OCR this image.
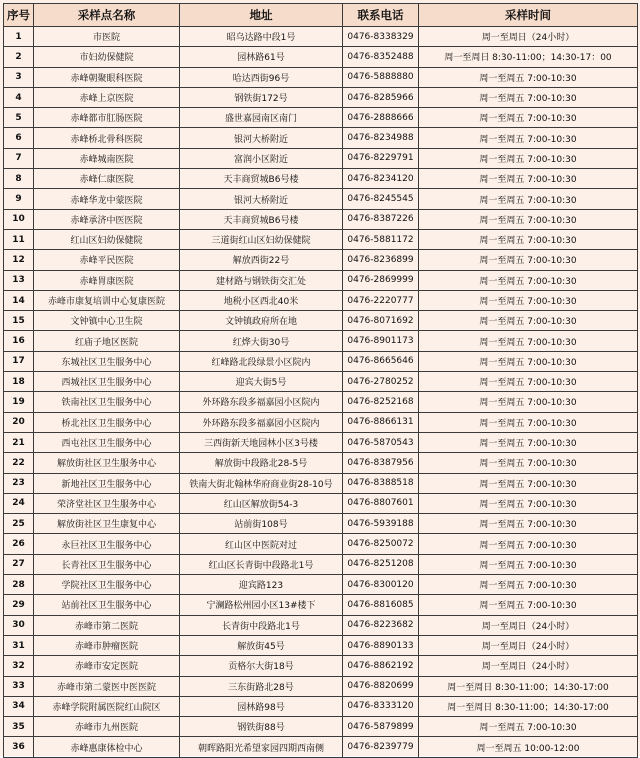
序号	采样点名称	地址	联系电话	采样时间
1	市医院	昭乌达路中段1号	0476-8338329	周一至周日（24小时）
2	市妇幼保健院	园林路61号	0476-8352488	周一至周日 8:30-11:00；14:30-17：00
3	赤峰朝聚眼科医院	哈达西街96号	0476-5888880	周一至周五 7:00-10:30
4	赤峰上京医院	钢铁街172号	0476-8285966	周一至周五 7:00-10:30
5	赤峰都市肛肠医院	盛世嘉园南区南门	0476-2888666	周一至周五 7:00-10:30
6	赤峰桥北骨科医院	银河大桥附近	0476-8234988	周一至周五 7:00-10:30
7	赤峰城南医院	富润小区附近	0476-8229791	周一至周五 7:00-10:30
8	赤峰仁康医院	天丰商贸城B6号楼	0476-8234120	周一至周五 7:00-10:30
9	赤峰华龙中蒙医院	银河大桥附近	0476-8245545	周一至周五 7:00-10:30
10	赤峰承济中医医院	天丰商贸城B6号楼	0476-8387226	周一至周五 7:00-10:30
11	红山区妇幼保健院	三道街红山区妇幼保健院	0476-5881172	周一至周五 7:00-10:30
12	赤峰平民医院	解放西街22号	0476-8236899	周一至周五 7:00-10:30
13	赤峰胃康医院	建材路与钢铁街交汇处	0476-2869999	周一至周五 7:00-10:30
14	赤峰市康复培训中心复康医院	地税小区西北40米	0476-2220777	周一至周五 7:00-10:30
15	文钟镇中心卫生院	文钟镇政府所在地	0476-8071692	周一至周五 7:00-10:30
16	红庙子地区医院	红烨大街30号	0476-8901173	周一至周五 7:00-10:30
17	东城社区卫生服务中心	红峰路北段绿景小区院内	0476-8665646	周一至周五 7:00-10:30
18	西城社区卫生服务中心	迎宾大街5号	0476-2780252	周一至周五 7:00-10:30
19	铁南社区卫生服务中心	外环路东段多福嘉园小区院内	0476-8252168	周一至周五 7:00-10:30
20	桥北社区卫生服务中心	外环路东段多福嘉园小区院内	0476-8866131	周一至周五 7:00-10:30
21	西屯社区卫生服务中心	三西街新天地园林小区3号楼	0476-5870543	周一至周五 7:00-10:30
22	解放街社区卫生服务中心	解放街中段路北28-5号	0476-8387956	周一至周五 7:00-10:30
23	新地社区卫生服务中心	铁南大街北翰林华府商业街28-10号	0476-8388518	周一至周五 7:00-10:30
24	荣济堂社区卫生服务中心	红山区解放街54-3	0476-8807601	周一至周五 7:00-10:30
25	解放街社区卫生康复中心	站前街108号	0476-5939188	周一至周五 7:00-10:30
26	永巨社区卫生服务中心	红山区中医院对过	0476-8250072	周一至周五 7:00-10:30
27	长青社区卫生服务中心	红山区长青街中段路北1号	0476-8251208	周一至周五 7:00-10:30
28	学院社区卫生服务中心	迎宾路123	0476-8300120	周一至周五 7:00-10:30
29	站前社区卫生服务中心	宁澜路松州园小区13#楼下	0476-8816085	周一至周五 7:00-10:30
30	赤峰市第二医院	长青街中段路北1号	0476-8223682	周一至周日（24小时）
31	赤峰市肿瘤医院	解放街45号	0476-8890133	周一至周日（24小时）
32	赤峰市安定医院	贡格尔大街18号	0476-8862192	周一至周日（24小时）
33	赤峰市第二蒙医中医医院	三东街路北28号	0476-8820699	周一至周日 8:30-11:00；14:30-17:00
34	赤峰学院附属医院红山院区	园林路98号	0476-8333120	周一至周日 8:30-11:00；14:30-17:00
35	赤峰市九州医院	钢铁街88号	0476-5879899	周一至周五 7:00-10:30
36	赤峰惠康体检中心	朝晖路阳光希望家园四期西南侧	0476-8239779	周一至周五 10:00-12:00
